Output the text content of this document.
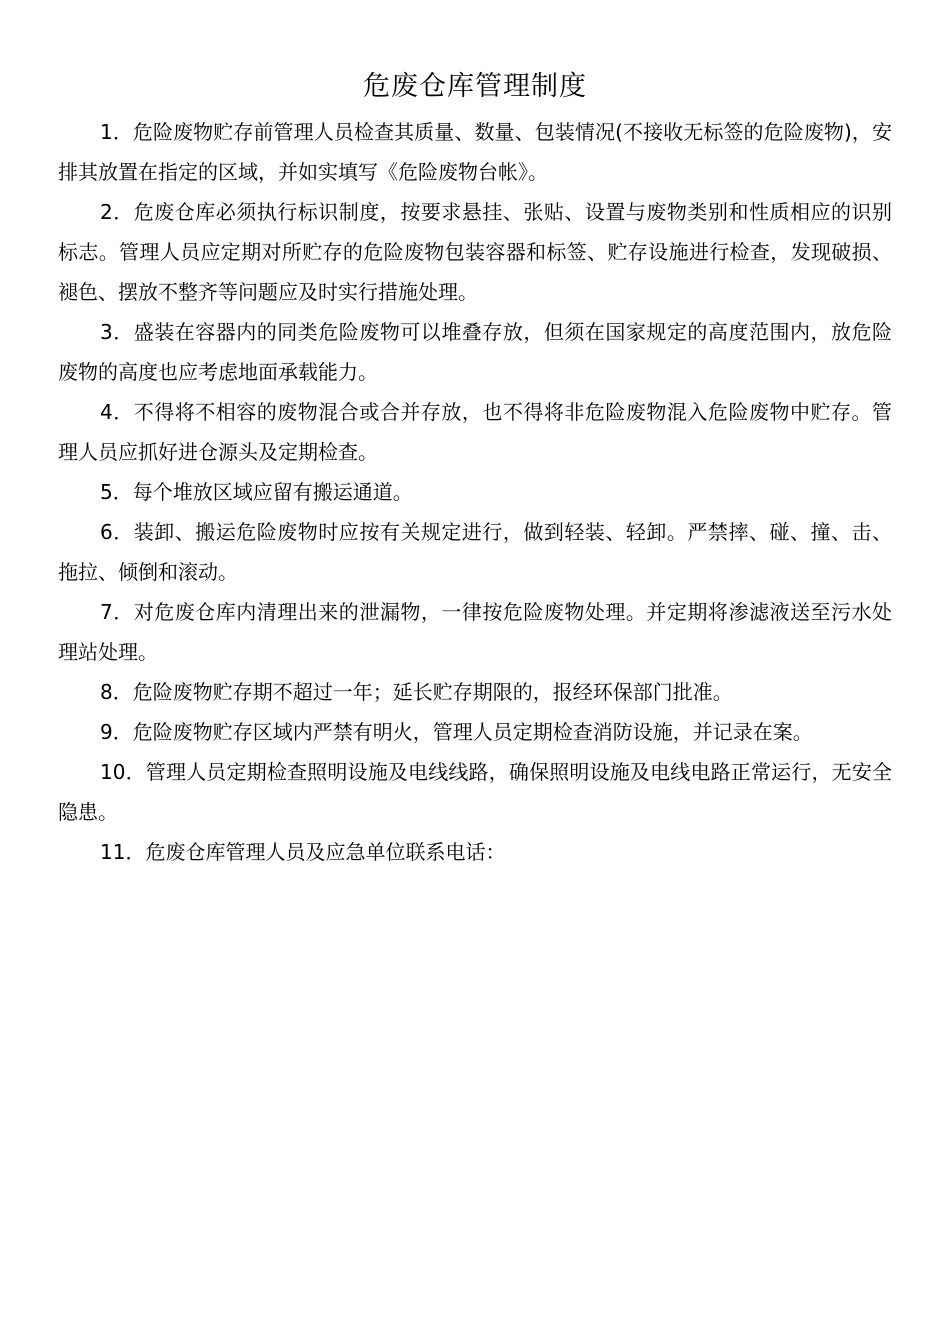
危废仓库管理制度

1．危险废物贮存前管理人员检查其质量、数量、包装情况(不接收无标签的危险废物)，安排其放置在指定的区域，并如实填写《危险废物台帐》。

2．危废仓库必须执行标识制度，按要求悬挂、张贴、设置与废物类别和性质相应的识别标志。管理人员应定期对所贮存的危险废物包装容器和标签、贮存设施进行检查，发现破损、褪色、摆放不整齐等问题应及时实行措施处理。

3．盛装在容器内的同类危险废物可以堆叠存放，但须在国家规定的高度范围内，放危险废物的高度也应考虑地面承载能力。

4．不得将不相容的废物混合或合并存放，也不得将非危险废物混入危险废物中贮存。管理人员应抓好进仓源头及定期检查。

5．每个堆放区域应留有搬运通道。

6．装卸、搬运危险废物时应按有关规定进行，做到轻装、轻卸。严禁摔、碰、撞、击、拖拉、倾倒和滚动。

7．对危废仓库内清理出来的泄漏物，一律按危险废物处理。并定期将渗滤液送至污水处理站处理。

8．危险废物贮存期不超过一年；延长贮存期限的，报经环保部门批准。

9．危险废物贮存区域内严禁有明火，管理人员定期检查消防设施，并记录在案。

10．管理人员定期检查照明设施及电线线路，确保照明设施及电线电路正常运行，无安全隐患。

11．危废仓库管理人员及应急单位联系电话：
